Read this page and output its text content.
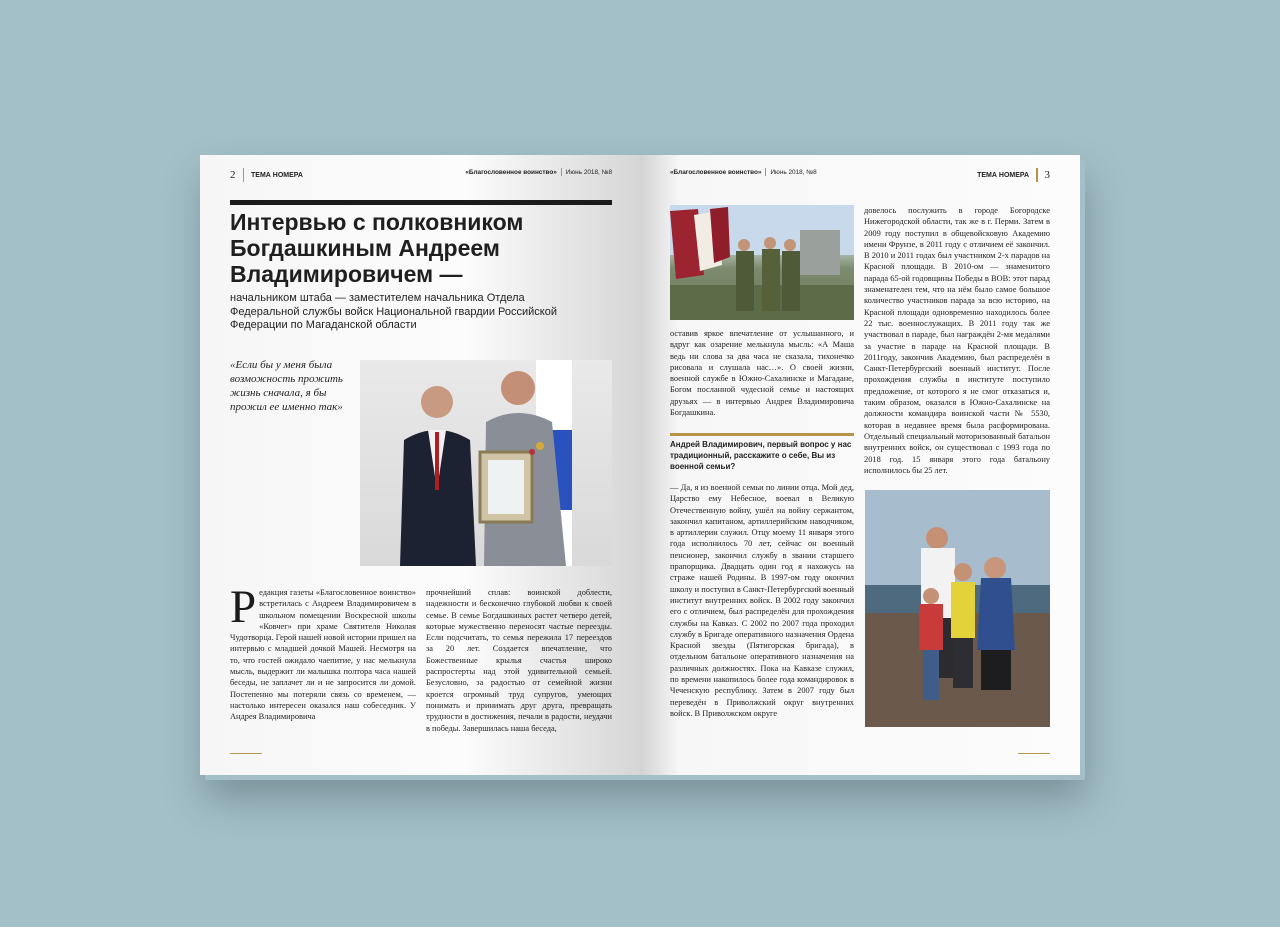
2 ТЕМА НОМЕРА	«Благословенное воинство» Июнь 2018, №8
Интервью с полковником Богдашкиным Андреем Владимировичем —
начальником штаба — заместителем начальника Отдела Федеральной службы войск Национальной гвардии Российской Федерации по Магаданской области
«Если бы у меня была возможность прожить жизнь сначала, я бы прожил ее именно так»
Р едакция газеты «Благословенное воинство» встретилась с Андреем Владимировичем в школьном помещении Воскресной школы «Ковчег» при храме Святителя Николая Чудотворца. Герой нашей новой истории пришел на интервью с младшей дочкой Машей. Несмотря на то, что гостей ожидало чаепитие, у нас мелькнула мысль, выдержит ли малышка полтора часа нашей беседы, не заплачет ли и не запросится ли домой. Постепенно мы потеряли связь со временем, — настолько интересен оказался наш собеседник. У Андрея Владимировича
прочнейший сплав: воинской доблести, надежности и бесконечно глубокой любви к своей семье. В семье Богдашкиных растет четверо детей, которые мужественно переносят частые переезды. Если подсчитать, то семья пережила 17 переездов за 20 лет. Создается впечатление, что Божественные крылья счастья широко распростерты над этой удивительной семьей. Безусловно, за радостью от семейной жизни кроется огромный труд супругов, умеющих понимать и принимать друг друга, превращать трудности в достижения, печали в радости, неудачи в победы. Завершилась наша беседа,
«Благословенное воинство» Июнь 2018, №8	ТЕМА НОМЕРА 3
оставив яркое впечатление от услышанного, и вдруг как озарение мелькнула мысль: «А Маша ведь ни слова за два часа не сказала, тихонечко рисовала и слушала нас…». О своей жизни, военной службе в Южно-Сахалинске и Магадане, Богом посланной чудесной семье и настоящих друзьях — в интервью Андрея Владимировича Богдашкина.
Андрей Владимирович, первый вопрос у нас традиционный, расскажите о себе, Вы из военной семьи?
— Да, я из военной семьи по линии отца. Мой дед, Царство ему Небесное, воевал в Великую Отечественную войну, ушёл на войну сержантом, закончил капитаном, артиллерийским наводчиком, в артиллерии служил. Отцу моему 11 января этого года исполнилось 70 лет, сейчас он военный пенсионер, закончил службу в звании старшего прапорщика. Двадцать один год я нахожусь на страже нашей Родины. В 1997-ом году окончил школу и поступил в Санкт-Петербургский военный институт внутренних войск. В 2002 году закончил его с отличием, был распределён для прохождения службы на Кавказ. С 2002 по 2007 года проходил службу в Бригаде оперативного назначения Ордена Красной звезды (Пятигорская бригада), в отдельном батальоне оперативного назначения на различных должностях. Пока на Кавказе служил, по времени накопилось более года командировок в Чеченскую республику. Затем в 2007 году был переведён в Приволжский округ внутренних войск. В Приволжском округе
довелось послужить в городе Богородске Нижегородской области, так же в г. Перми. Затем в 2009 году поступил в общевойсковую Академию имени Фрунзе, в 2011 году с отличием её закончил. В 2010 и 2011 годах был участником 2-х парадов на Красной площади. В 2010-ом — знаменитого парада 65-ой годовщины Победы в ВОВ: этот парад знаменателен тем, что на нём было самое большое количество участников парада за всю историю, на Красной площади одновременно находилось более 22 тыс. военнослужащих. В 2011 году так же участвовал в параде, был награждён 2-мя медалями за участие в параде на Красной площади. В 2011году, закончив Академию, был распределён в Санкт-Петербургский военный институт. После прохождения службы в институте поступило предложение, от которого я не смог отказаться и, таким образом, оказался в Южно-Сахалинске на должности командира воинской части № 5530, которая в недавнее время была расформирована. Отдельный специальный моторизованный батальон внутренних войск, он существовал с 1993 года по 2018 год. 15 января этого года батальону исполнилось бы 25 лет.
